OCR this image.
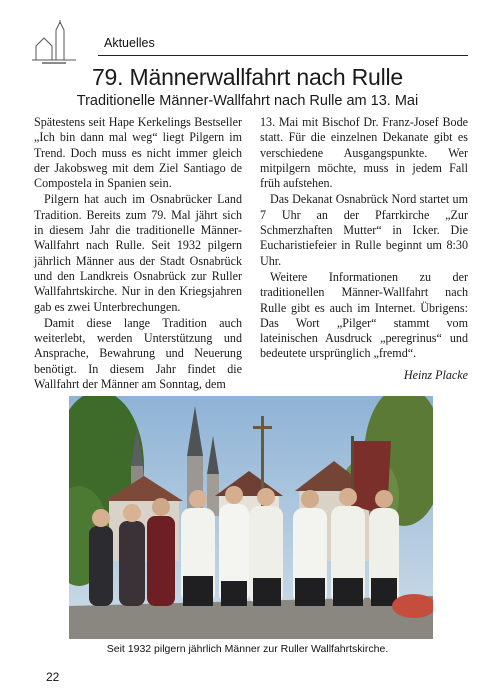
Aktuelles
79. Männerwallfahrt nach Rulle
Traditionelle Männer-Wallfahrt nach Rulle am 13. Mai

Spätestens seit Hape Kerkelings Bestseller „Ich bin dann mal weg“ liegt Pilgern im Trend. Doch muss es nicht immer gleich der Jakobsweg mit dem Ziel Santiago de Compostela in Spanien sein.

Pilgern hat auch im Osnabrücker Land Tradition. Bereits zum 79. Mal jährt sich in diesem Jahr die traditionelle Männer-Wallfahrt nach Rulle. Seit 1932 pilgern jährlich Männer aus der Stadt Osnabrück und den Landkreis Osnabrück zur Ruller Wallfahrtskirche. Nur in den Kriegsjahren gab es zwei Unterbrechungen.

Damit diese lange Tradition auch weiterlebt, werden Unterstützung und Ansprache, Bewahrung und Neuerung benötigt. In diesem Jahr findet die Wallfahrt der Männer am Sonntag, dem

13. Mai mit Bischof Dr. Franz-Josef Bode statt. Für die einzelnen Dekanate gibt es verschiedene Ausgangspunkte. Wer mitpilgern möchte, muss in jedem Fall früh aufstehen.

Das Dekanat Osnabrück Nord startet um 7 Uhr an der Pfarrkirche „Zur Schmerzhaften Mutter“ in Icker. Die Eucharistiefeier in Rulle beginnt um 8:30 Uhr.

Weitere Informationen zu der traditionellen Männer-Wallfahrt nach Rulle gibt es auch im Internet. Übrigens: Das Wort „Pilger“ stammt vom lateinischen Ausdruck „peregrinus“ und bedeutete ursprünglich „fremd“.

Heinz Placke
Seit 1932 pilgern jährlich Männer zur Ruller Wallfahrtskirche.
22
